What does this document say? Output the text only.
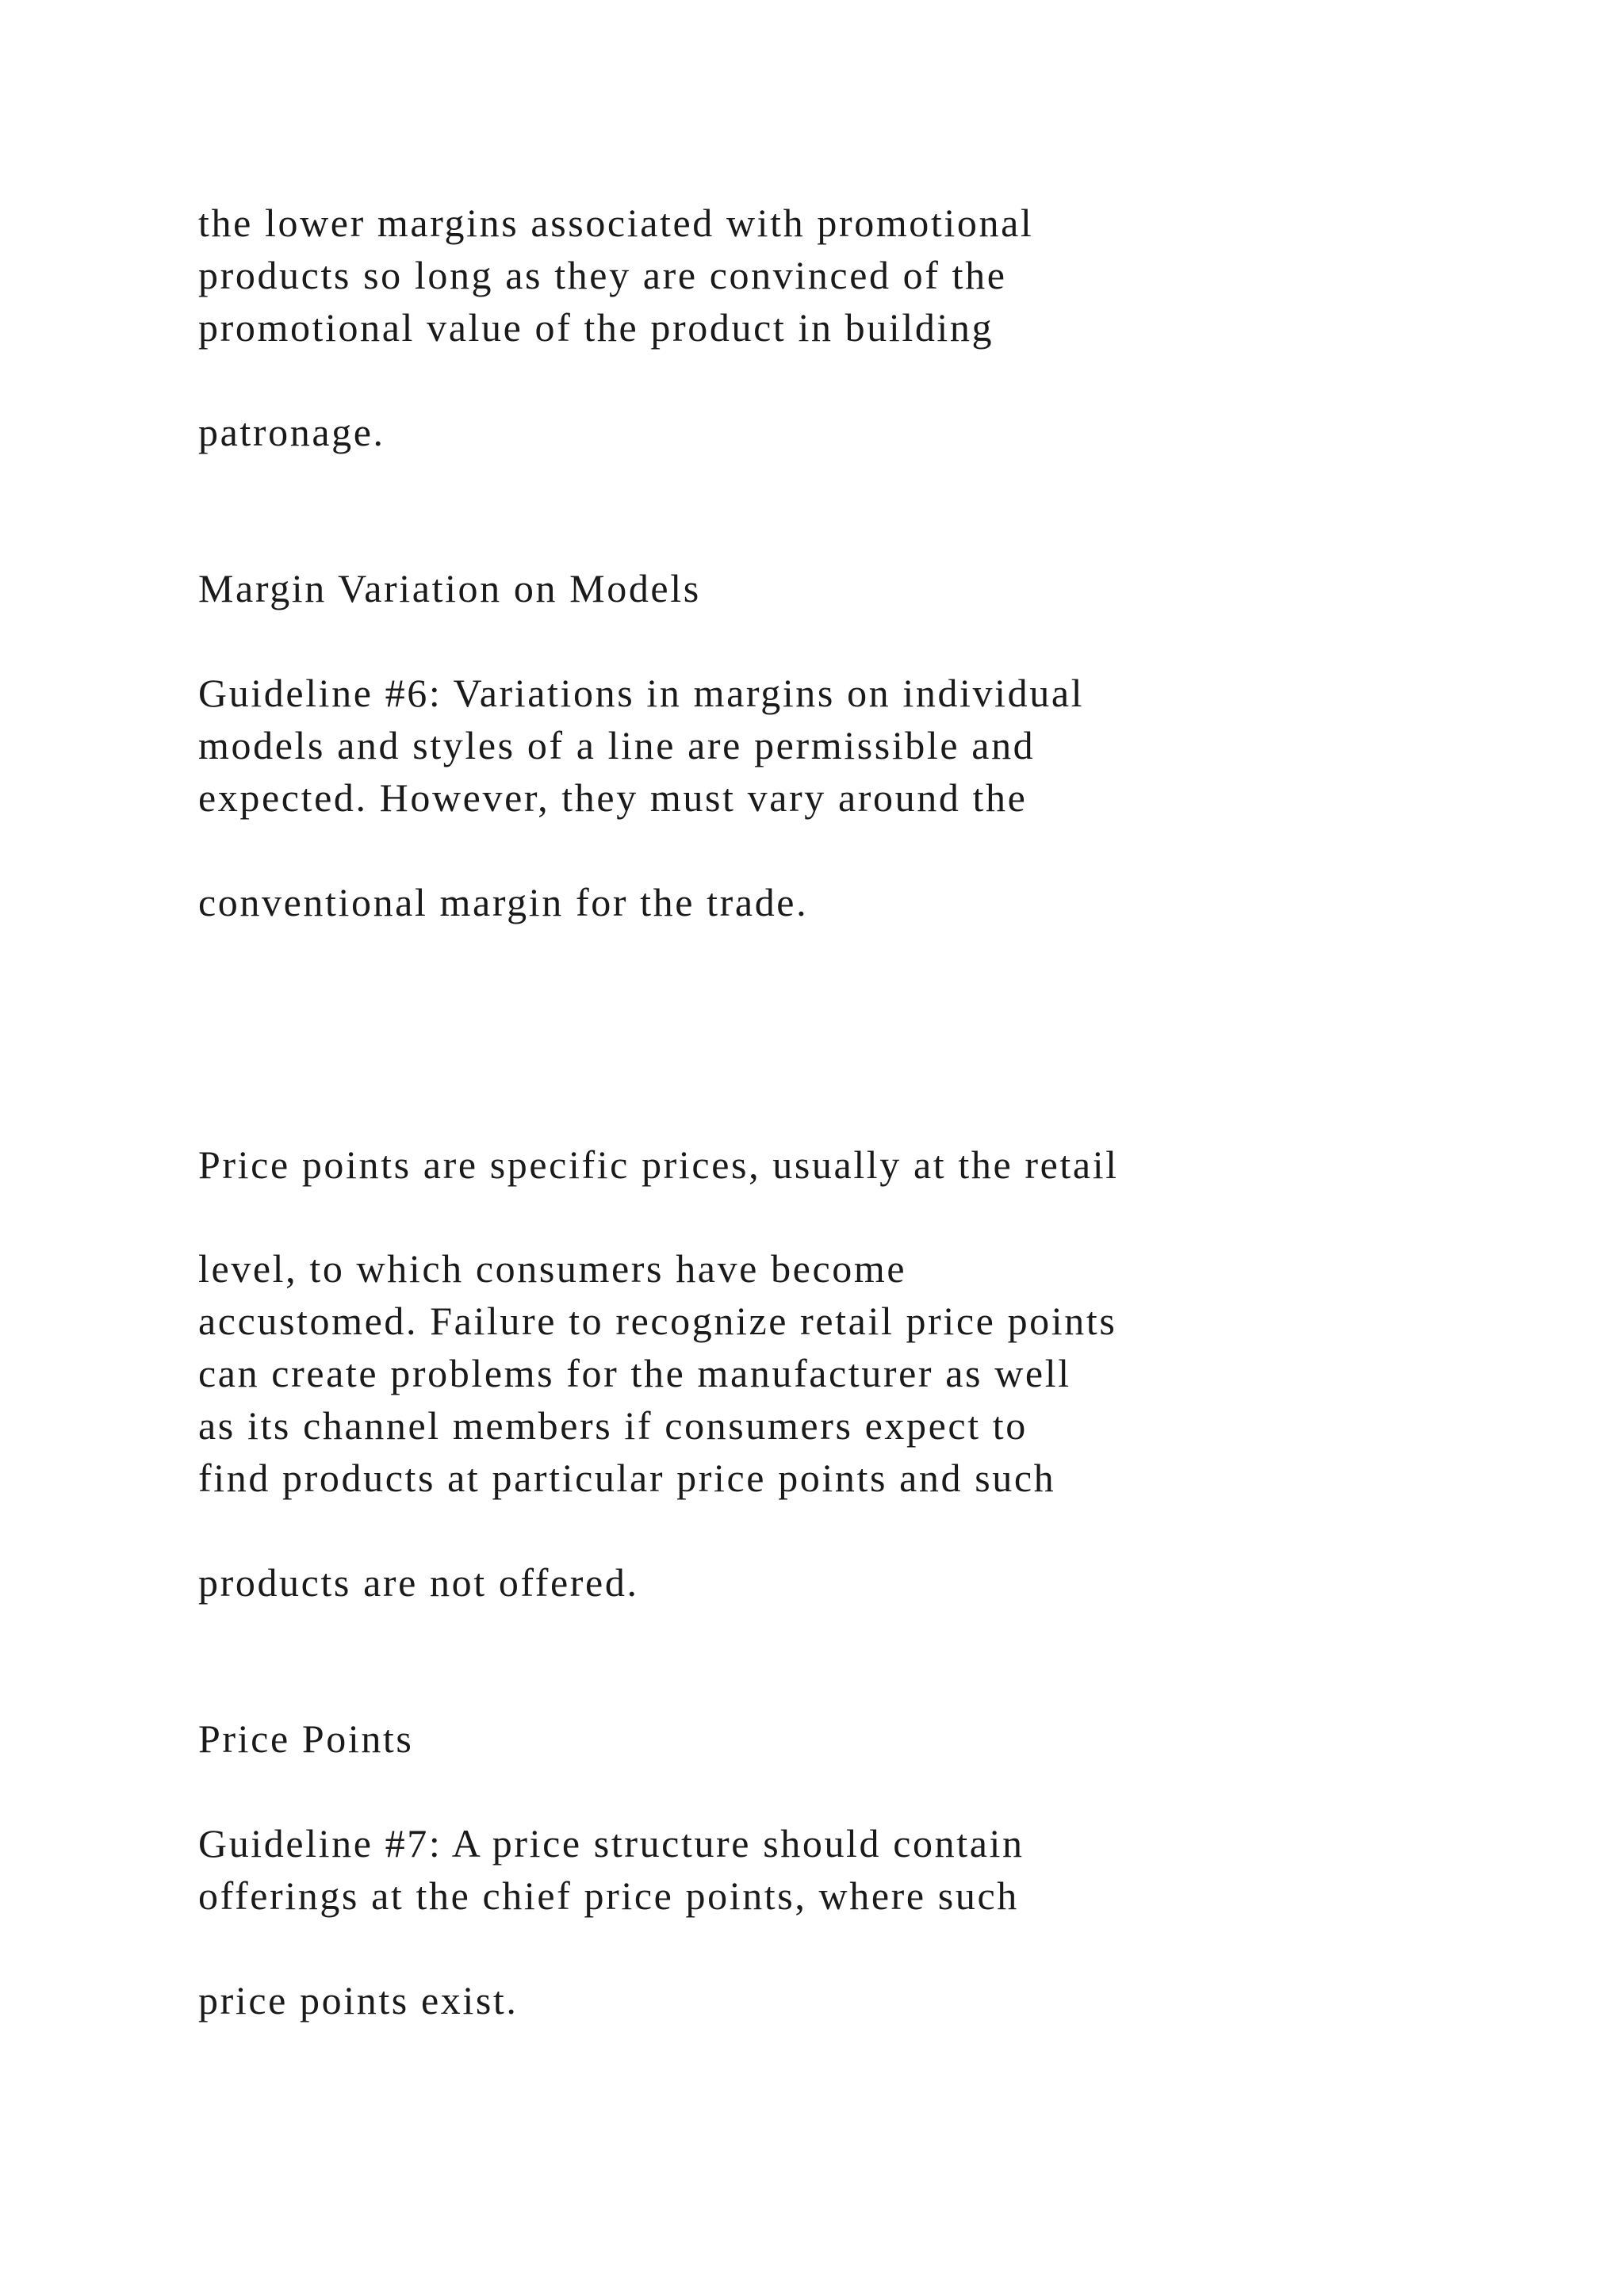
the lower margins associated with promotional
products so long as they are convinced of the
promotional value of the product in building
patronage.
Margin Variation on Models
Guideline #6: Variations in margins on individual
models and styles of a line are permissible and
expected. However, they must vary around the
conventional margin for the trade.
Price points are specific prices, usually at the retail
level, to which consumers have become
accustomed. Failure to recognize retail price points
can create problems for the manufacturer as well
as its channel members if consumers expect to
find products at particular price points and such
products are not offered.
Price Points
Guideline #7: A price structure should contain
offerings at the chief price points, where such
price points exist.
